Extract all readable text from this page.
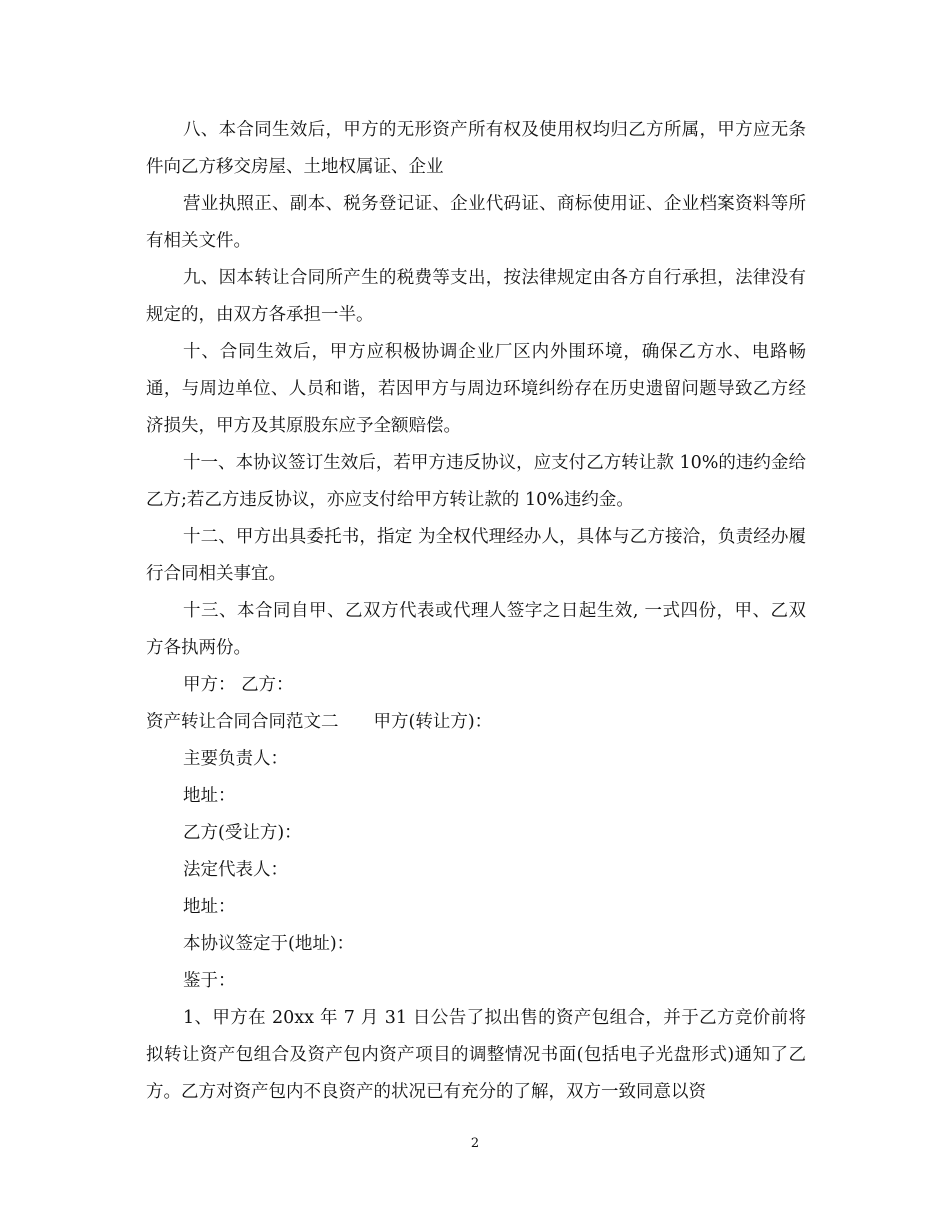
八、本合同生效后，甲方的无形资产所有权及使用权均归乙方所属，甲方应无条件向乙方移交房屋、土地权属证、企业

营业执照正、副本、税务登记证、企业代码证、商标使用证、企业档案资料等所有相关文件。

九、因本转让合同所产生的税费等支出，按法律规定由各方自行承担，法律没有规定的，由双方各承担一半。

十、合同生效后，甲方应积极协调企业厂区内外围环境，确保乙方水、电路畅通，与周边单位、人员和谐，若因甲方与周边环境纠纷存在历史遗留问题导致乙方经济损失，甲方及其原股东应予全额赔偿。

十一、本协议签订生效后，若甲方违反协议，应支付乙方转让款 10%的违约金给乙方;若乙方违反协议，亦应支付给甲方转让款的 10%违约金。

十二、甲方出具委托书，指定 为全权代理经办人，具体与乙方接洽，负责经办履行合同相关事宜。

十三、本合同自甲、乙双方代表或代理人签字之日起生效, 一式四份，甲、乙双方各执两份。

甲方： 乙方：

资产转让合同合同范文二　　甲方(转让方)：

主要负责人：

地址：

乙方(受让方)：

法定代表人：

地址：

本协议签定于(地址)：

鉴于：

1、甲方在 20xx 年 7 月 31 日公告了拟出售的资产包组合，并于乙方竞价前将拟转让资产包组合及资产包内资产项目的调整情况书面(包括电子光盘形式)通知了乙方。乙方对资产包内不良资产的状况已有充分的了解，双方一致同意以资

2
